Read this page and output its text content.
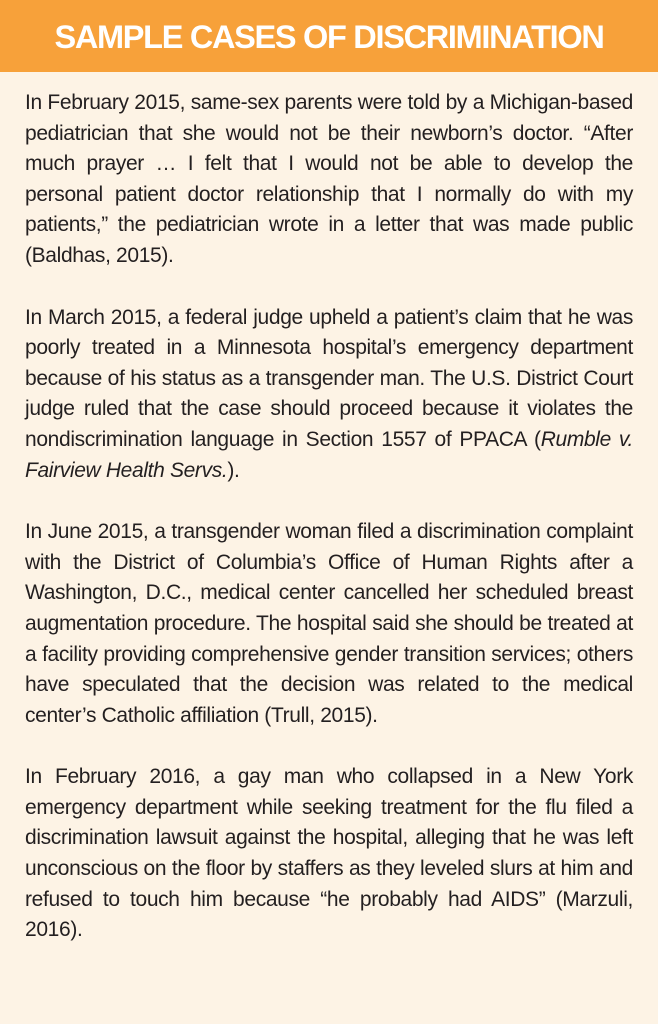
SAMPLE CASES OF DISCRIMINATION

In February 2015, same-sex parents were told by a Michigan-based pediatrician that she would not be their newborn’s doctor. “After much prayer … I felt that I would not be able to develop the personal patient doctor relationship that I normally do with my patients,” the pediatrician wrote in a letter that was made public (Baldhas, 2015).

In March 2015, a federal judge upheld a patient’s claim that he was poorly treated in a Minnesota hospital’s emergency department because of his status as a transgender man. The U.S. District Court judge ruled that the case should proceed because it violates the nondiscrimination language in Section 1557 of PPACA (Rumble v. Fairview Health Servs.).

In June 2015, a transgender woman filed a discrimination complaint with the District of Columbia’s Office of Human Rights after a Washington, D.C., medical center cancelled her scheduled breast augmentation procedure. The hospital said she should be treated at a facility providing comprehensive gender transition services; others have speculated that the decision was related to the medical center’s Catholic affiliation (Trull, 2015).

In February 2016, a gay man who collapsed in a New York emergency department while seeking treatment for the flu filed a discrimination lawsuit against the hospital, alleging that he was left unconscious on the floor by staffers as they leveled slurs at him and refused to touch him because “he probably had AIDS” (Marzuli, 2016).
